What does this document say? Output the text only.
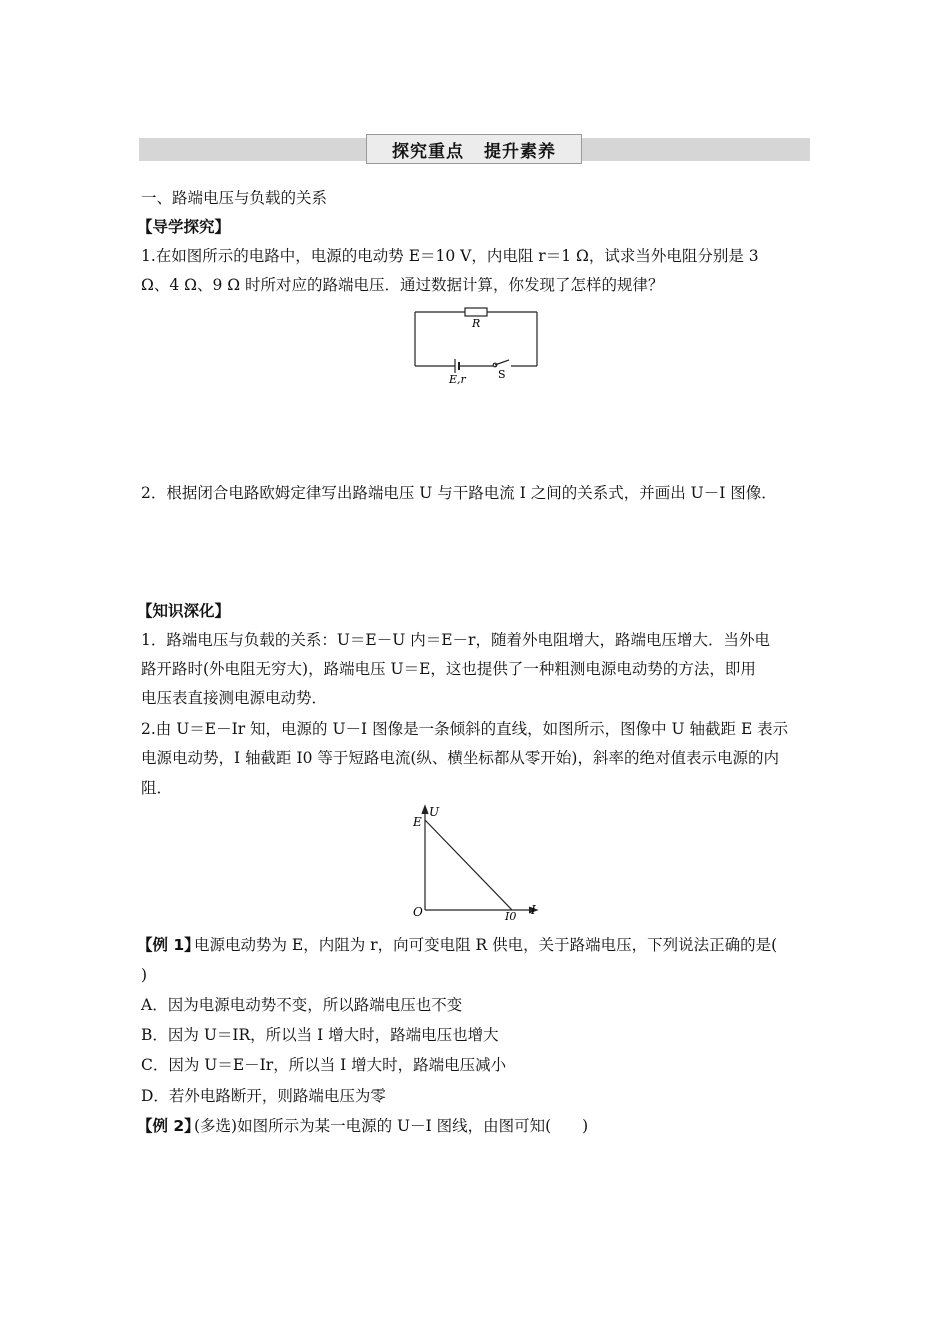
探究重点 提升素养
一、路端电压与负载的关系
【导学探究】
1.在如图所示的电路中，电源的电动势 E＝10 V，内电阻 r＝1 Ω，试求当外电阻分别是 3
Ω、4 Ω、9 Ω 时所对应的路端电压．通过数据计算，你发现了怎样的规律？
R
E,r	S
2．根据闭合电路欧姆定律写出路端电压 U 与干路电流 I 之间的关系式，并画出 U－I 图像．
【知识深化】
1．路端电压与负载的关系：U＝E－U 内＝E－r，随着外电阻增大，路端电压增大．当外电
路开路时(外电阻无穷大)，路端电压 U＝E，这也提供了一种粗测电源电动势的方法，即用
电压表直接测电源电动势．
2.由 U＝E－Ir 知，电源的 U－I 图像是一条倾斜的直线，如图所示，图像中 U 轴截距 E 表示
电源电动势，I 轴截距 I0 等于短路电流(纵、横坐标都从零开始)，斜率的绝对值表示电源的内
阻．
U
E
O	I0 I
【例 1】
电源电动势为 E，内阻为 r，向可变电阻 R 供电，关于路端电压，下列说法正确的是(
)
A．因为电源电动势不变，所以路端电压也不变
B．因为 U＝IR，所以当 I 增大时，路端电压也增大
C．因为 U＝E－Ir，所以当 I 增大时，路端电压减小
D．若外电路断开，则路端电压为零
【例 2】
(多选)如图所示为某一电源的 U－I 图线，由图可知(　　)
